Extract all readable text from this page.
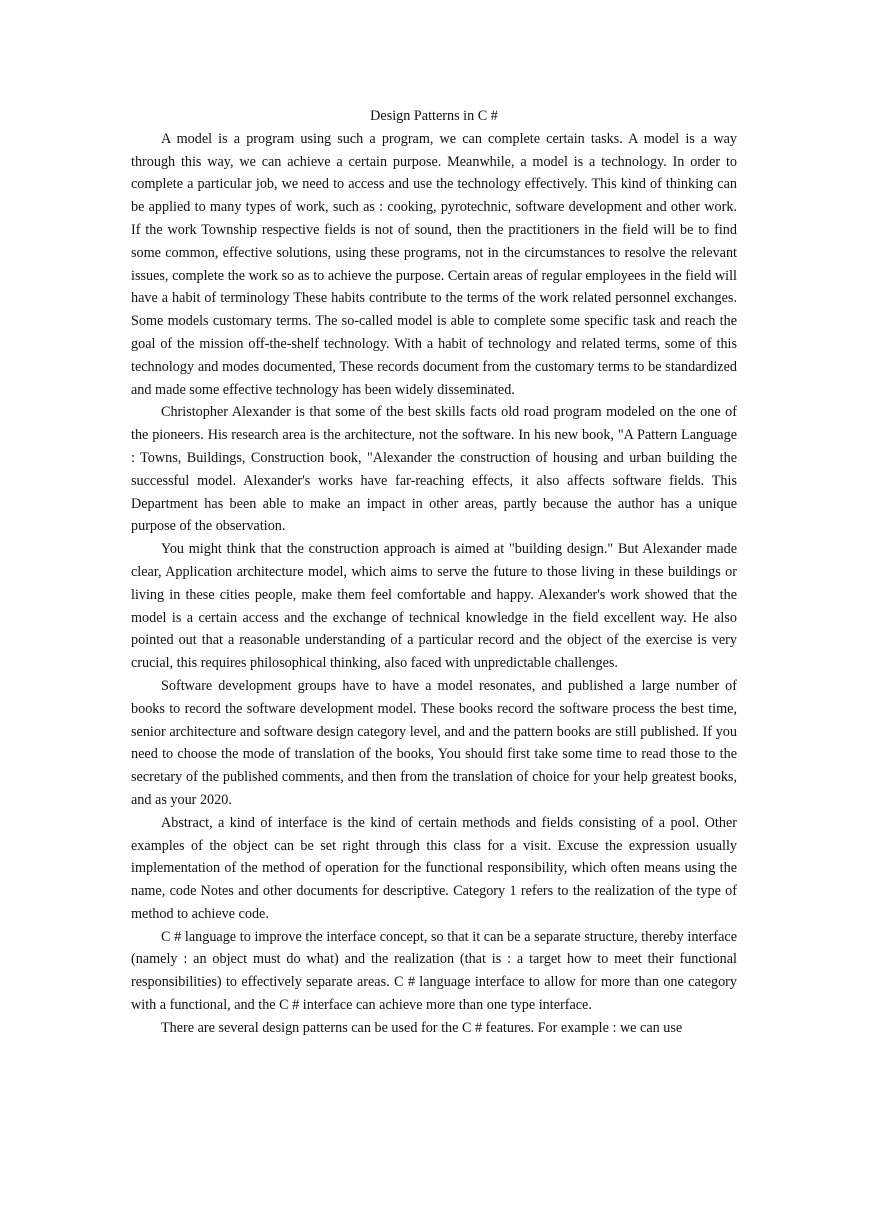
Design Patterns in C #

A model is a program using such a program, we can complete certain tasks. A model is a way through this way, we can achieve a certain purpose. Meanwhile, a model is a technology. In order to complete a particular job, we need to access and use the technology effectively. This kind of thinking can be applied to many types of work, such as : cooking, pyrotechnic, software development and other work. If the work Township respective fields is not of sound, then the practitioners in the field will be to find some common, effective solutions, using these programs, not in the circumstances to resolve the relevant issues, complete the work so as to achieve the purpose. Certain areas of regular employees in the field will have a habit of terminology These habits contribute to the terms of the work related personnel exchanges. Some models customary terms. The so-called model is able to complete some specific task and reach the goal of the mission off-the-shelf technology. With a habit of technology and related terms, some of this technology and modes documented, These records document from the customary terms to be standardized and made some effective technology has been widely disseminated.

Christopher Alexander is that some of the best skills facts old road program modeled on the one of the pioneers. His research area is the architecture, not the software. In his new book, "A Pattern Language : Towns, Buildings, Construction book, "Alexander the construction of housing and urban building the successful model. Alexander's works have far-reaching effects, it also affects software fields. This Department has been able to make an impact in other areas, partly because the author has a unique purpose of the observation.

You might think that the construction approach is aimed at "building design." But Alexander made clear, Application architecture model, which aims to serve the future to those living in these buildings or living in these cities people, make them feel comfortable and happy. Alexander's work showed that the model is a certain access and the exchange of technical knowledge in the field excellent way. He also pointed out that a reasonable understanding of a particular record and the object of the exercise is very crucial, this requires philosophical thinking, also faced with unpredictable challenges.

Software development groups have to have a model resonates, and published a large number of books to record the software development model. These books record the software process the best time, senior architecture and software design category level, and and the pattern books are still published. If you need to choose the mode of translation of the books, You should first take some time to read those to the secretary of the published comments, and then from the translation of choice for your help greatest books, and as your 2020.

Abstract, a kind of interface is the kind of certain methods and fields consisting of a pool. Other examples of the object can be set right through this class for a visit. Excuse the expression usually implementation of the method of operation for the functional responsibility, which often means using the name, code Notes and other documents for descriptive. Category 1 refers to the realization of the type of method to achieve code.

C # language to improve the interface concept, so that it can be a separate structure, thereby interface (namely : an object must do what) and the realization (that is : a target how to meet their functional responsibilities) to effectively separate areas. C # language interface to allow for more than one category with a functional, and the C # interface can achieve more than one type interface.

There are several design patterns can be used for the C # features. For example : we can use
